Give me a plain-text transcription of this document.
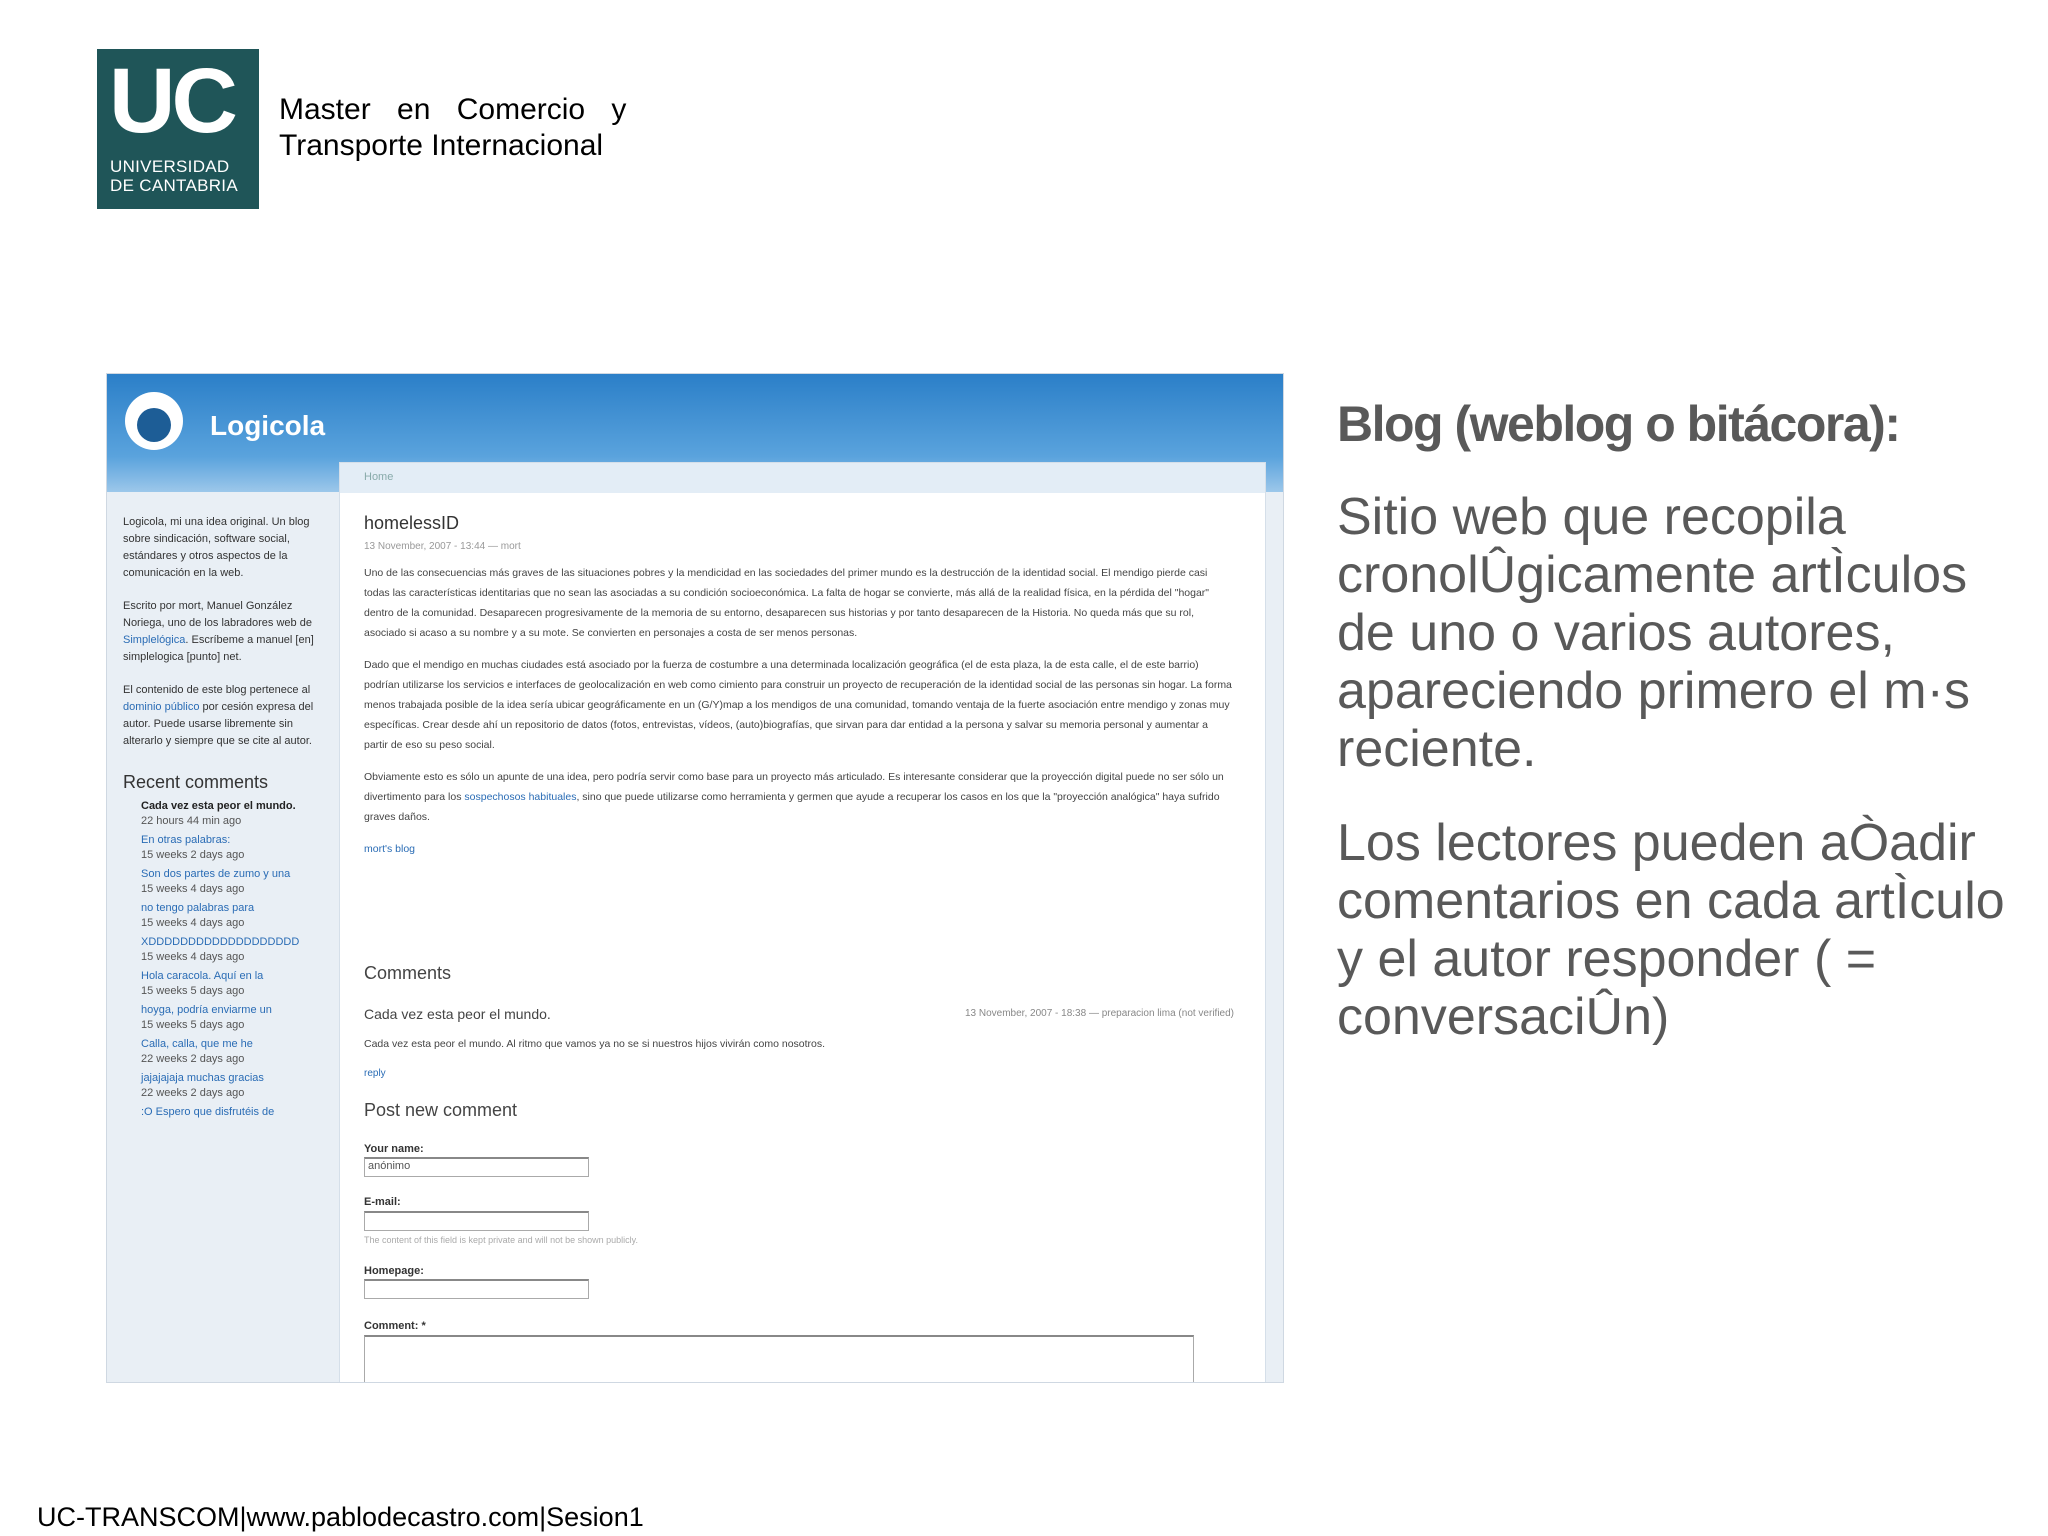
UC
UNIVERSIDAD
DE CANTABRIA
Master en Comercio y
Transporte Internacional
Logicola

Logicola, mi una idea original. Un blog sobre sindicación, software social, estándares y otros aspectos de la comunicación en la web.

Escrito por mort, Manuel González Noriega, uno de los labradores web de Simplelógica. Escríbeme a manuel [en] simplelogica [punto] net.

El contenido de este blog pertenece al dominio público por cesión expresa del autor. Puede usarse libremente sin alterarlo y siempre que se cite al autor.

Recent comments
Cada vez esta peor el mundo.
22 hours 44 min ago
En otras palabras:
15 weeks 2 days ago
Son dos partes de zumo y una
15 weeks 4 days ago
no tengo palabras para
15 weeks 4 days ago
XDDDDDDDDDDDDDDDDDDD
15 weeks 4 days ago
Hola caracola. Aquí en la
15 weeks 5 days ago
hoyga, podría enviarme un
15 weeks 5 days ago
Calla, calla, que me he
22 weeks 2 days ago
jajajajaja muchas gracias
22 weeks 2 days ago
:O Espero que disfrutéis de
Home
homelessID
13 November, 2007 - 13:44 — mort

Uno de las consecuencias más graves de las situaciones pobres y la mendicidad en las sociedades del primer mundo es la destrucción de la identidad social. El mendigo pierde casi todas las características identitarias que no sean las asociadas a su condición socioeconómica. La falta de hogar se convierte, más allá de la realidad física, en la pérdida del "hogar" dentro de la comunidad. Desaparecen progresivamente de la memoria de su entorno, desaparecen sus historias y por tanto desaparecen de la Historia. No queda más que su rol, asociado si acaso a su nombre y a su mote. Se convierten en personajes a costa de ser menos personas.

Dado que el mendigo en muchas ciudades está asociado por la fuerza de costumbre a una determinada localización geográfica (el de esta plaza, la de esta calle, el de este barrio) podrían utilizarse los servicios e interfaces de geolocalización en web como cimiento para construir un proyecto de recuperación de la identidad social de las personas sin hogar. La forma menos trabajada posible de la idea sería ubicar geográficamente en un (G/Y)map a los mendigos de una comunidad, tomando ventaja de la fuerte asociación entre mendigo y zonas muy específicas. Crear desde ahí un repositorio de datos (fotos, entrevistas, vídeos, (auto)biografías, que sirvan para dar entidad a la persona y salvar su memoria personal y aumentar a partir de eso su peso social.

Obviamente esto es sólo un apunte de una idea, pero podría servir como base para un proyecto más articulado. Es interesante considerar que la proyección digital puede no ser sólo un divertimento para los sospechosos habituales, sino que puede utilizarse como herramienta y germen que ayude a recuperar los casos en los que la "proyección analógica" haya sufrido graves daños.

mort's blog

Comments
Cada vez esta peor el mundo.	13 November, 2007 - 18:38 — preparacion lima (not verified)
Cada vez esta peor el mundo. Al ritmo que vamos ya no se si nuestros hijos vivirán como nosotros.
reply
Post new comment
Your name:
anónimo
E-mail:
The content of this field is kept private and will not be shown publicly.
Homepage:
Comment: *
Blog (weblog o bitácora):
Sitio web que recopila cronolÛgicamente artÌculos de uno o varios autores, apareciendo primero el m·s reciente.
Los lectores pueden aÒadir comentarios en cada artÌculo y el autor responder ( = conversaciÛn)
UC-TRANSCOM|www.pablodecastro.com|Sesion1
